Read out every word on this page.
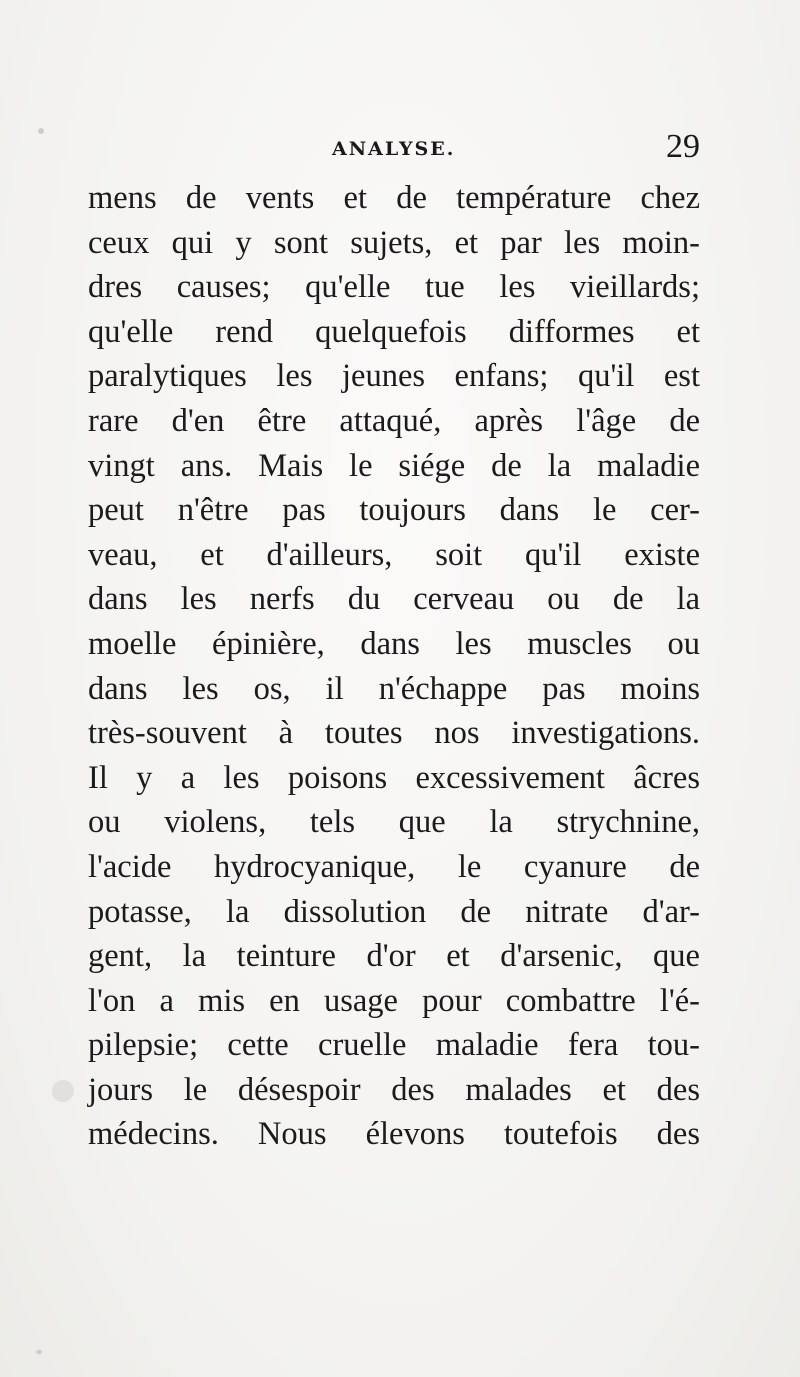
ANALYSE.	29
mens de vents et de température chez
ceux qui y sont sujets, et par les moin-
dres causes; qu'elle tue les vieillards;
qu'elle rend quelquefois difformes et
paralytiques les jeunes enfans; qu'il est
rare d'en être attaqué, après l'âge de
vingt ans. Mais le siége de la maladie
peut n'être pas toujours dans le cer-
veau, et d'ailleurs, soit qu'il existe
dans les nerfs du cerveau ou de la
moelle épinière, dans les muscles ou
dans les os, il n'échappe pas moins
très-souvent à toutes nos investigations.
Il y a les poisons excessivement âcres
ou violens, tels que la strychnine,
l'acide hydrocyanique, le cyanure de
potasse, la dissolution de nitrate d'ar-
gent, la teinture d'or et d'arsenic, que
l'on a mis en usage pour combattre l'é-
pilepsie; cette cruelle maladie fera tou-
jours le désespoir des malades et des
médecins. Nous élevons toutefois des
